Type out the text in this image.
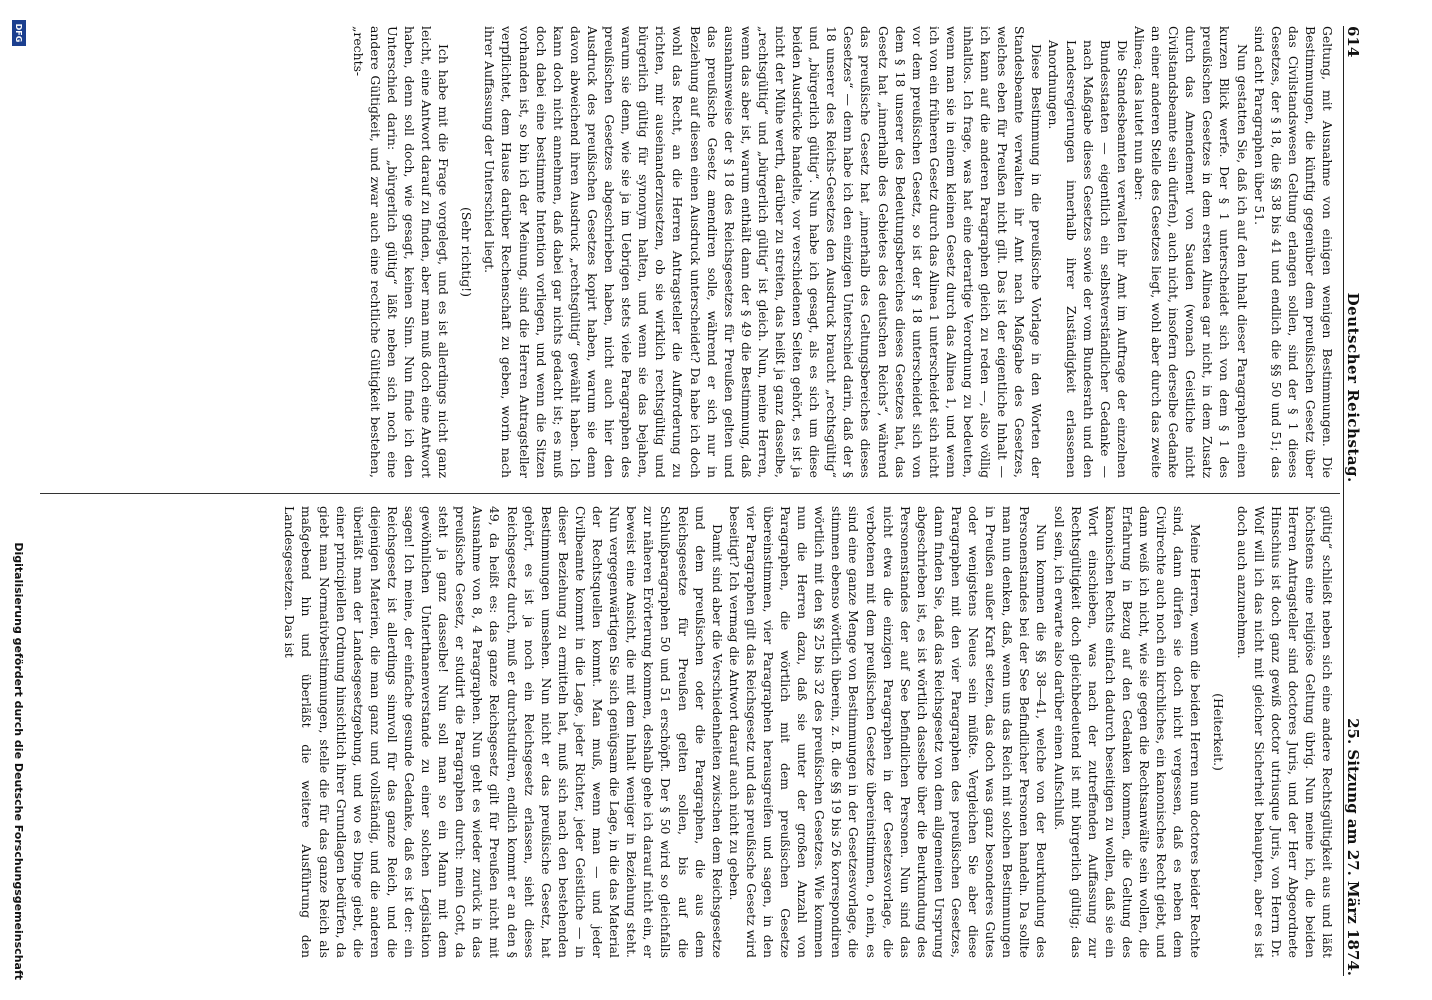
614
Deutscher Reichstag.
25. Sitzung am 27. März 1874.

Geltung, mit Ausnahme von einigen wenigen Bestimmungen. Die Bestimmungen, die künftig gegenüber dem preußischen Gesetz über das Civilstandswesen Geltung erlangen sollen, sind der § 1 dieses Gesetzes, der § 18, die §§ 38 bis 41 und endlich die §§ 50 und 51; das sind acht Paragraphen über 51.

Nun gestatten Sie, daß ich auf den Inhalt dieser Paragraphen einen kurzen Blick werfe. Der § 1 unterscheidet sich von dem § 1 des preußischen Gesetzes in dem ersten Alinea gar nicht, in dem Zusatz durch das Amendement von Sauden (wonach Geistliche nicht Civilstandsbeamte sein dürfen), auch nicht, insofern derselbe Gedanke an einer anderen Stelle des Gesetzes liegt, wohl aber durch das zweite Alinea; das lautet nun aber:

Die Standesbeamten verwalten ihr Amt im Auftrage der einzelnen Bundesstaaten — eigentlich ein selbstverständlicher Gedanke — nach Maßgabe dieses Gesetzes sowie der vom Bundesrath und den Landesregierungen innerhalb ihrer Zuständigkeit erlassenen Anordnungen.

Diese Bestimmung in die preußische Vorlage in den Worten der Standesbeamte verwalten ihr Amt nach Maßgabe des Gesetzes, welches eben für Preußen nicht gilt. Das ist der eigentliche Inhalt — ich kann auf die anderen Paragraphen gleich zu reden —, also völlig inhaltlos. Ich frage, was hat eine derartige Verordnung zu bedeuten, wenn man sie in einem kleinen Gesetz durch das Alinea 1, und wenn ich von ein früheren Gesetz durch das Alinea 1 unterscheidet sich nicht vor dem preußischen Gesetz, so ist der § 18 unterscheidet sich von dem § 18 unserer des Bedeutungsbereiches dieses Gesetzes hat, das Gesetz hat „innerhalb des Gebietes des deutschen Reichs“, während das preußische Gesetz hat „innerhalb des Geltungsbereiches dieses Gesetzes“ — denn habe ich den einzigen Unterschied darin, daß der § 18 unserer des Reichs-Gesetzes den Ausdruck braucht „rechtsgültig“ und „bürgerlich gültig“. Nun habe ich gesagt, als es sich um diese beiden Ausdrücke handelte, vor verschiedenen Seiten gehört, es ist ja nicht der Mühe werth, darüber zu streiten, das heißt ja ganz dasselbe, „rechtsgültig“ und „bürgerlich gültig“ ist gleich. Nun, meine Herren, wenn das aber ist, warum enthält dann der § 49 die Bestimmung, daß ausnahmsweise der § 18 des Reichsgesetzes für Preußen gelten und das preußische Gesetz amendiren solle, während er sich nur in Beziehung auf diesen einen Ausdruck unterscheidet? Da habe ich doch wohl das Recht, an die Herren Antragsteller die Aufforderung zu richten, mir auseinanderzusetzen, ob sie wirklich rechtsgültig und bürgerlich gültig für synonym halten, und wenn sie das bejahen, warum sie denn, wie sie ja im Uebrigen stets viele Paragraphen des preußischen Gesetzes abgeschrieben haben, nicht auch hier den Ausdruck des preußischen Gesetzes kopirt haben, warum sie denn davon abweichend ihren Ausdruck „rechtsgültig“ gewählt haben. Ich kann doch nicht annehmen, daß dabei gar nichts gedacht ist; es muß doch dabei eine bestimmte Intention vorliegen, und wenn die Sitzen vorhanden ist, so bin ich der Meinung, sind die Herren Antragsteller verpflichtet, dem Hause darüber Rechenschaft zu geben, worin nach ihrer Auffassung der Unterschied liegt.

(Sehr richtig!)

Ich habe mit die Frage vorgelegt, und es ist allerdings nicht ganz leicht, eine Antwort darauf zu finden, aber man muß doch eine Antwort haben, denn soll doch, wie gesagt, keinen Sinn. Nun finde ich den Unterschied darin: „bürgerlich gültig“ läßt neben sich noch eine andere Gültigkeit, und zwar auch eine rechtliche Gültigkeit bestehen, „rechts-

gültig“ schließt neben sich eine andere Rechtsgültigkeit aus und läßt höchstens eine religiöse Geltung übrig. Nun meine ich, die beiden Herren Antragsteller sind doctores Juris, und der Herr Abgeordnete Hinschius ist doch ganz gewiß doctor utriusque Juris, von Herrn Dr. Wolf will ich das nicht mit gleicher Sicherheit behaupten, aber es ist doch auch anzunehmen.

(Heiterkeit.)

Meine Herren, wenn die beiden Herren nun doctores beider Rechte sind, dann dürfen sie doch nicht vergessen, daß es neben dem Civilrechte auch noch ein kirchliches, ein kanonisches Recht giebt, und dann weiß ich nicht, wie sie gegen die Rechtsanwälte sein wollen, die Erfahrung in Bezug auf den Gedanken kommen, die Geltung des kanonischen Rechts einfach dadurch beseitigen zu wollen, daß sie ein Wort einschieben, was nach der zutreffenden Auffassung zur Rechtsgültigkeit doch gleichbedeutend ist mit bürgerlich gültig; das soll sein, ich erwarte also darüber einen Aufschluß.

Nun kommen die §§ 38—41, welche von der Beurkundung des Personenstandes bei der See Befindlicher Personen handeln. Da sollte man nun denken, daß, wenn uns das Reich mit solchen Bestimmungen in Preußen außer Kraft setzen, das doch was ganz besonderes Gutes oder wenigstens Neues sein müßte. Vergleichen Sie aber diese Paragraphen mit den vier Paragraphen des preußischen Gesetzes, dann finden Sie, daß das Reichsgesetz von dem allgemeinen Ursprung abgeschrieben ist, es ist wörtlich dasselbe über die Beurkundung des Personenstandes der auf See befindlichen Personen. Nun sind das nicht etwa die einzigen Paragraphen in der Gesetzesvorlage, die verbotenen mit dem preußischen Gesetze übereinstimmen, o nein, es sind eine ganze Menge von Bestimmungen in der Gesetzesvorlage, die stimmen ebenso wörtlich überein, z. B. die §§ 19 bis 26 korrespondiren wörtlich mit den §§ 25 bis 32 des preußischen Gesetzes. Wie kommen nun die Herren dazu, daß sie unter der großen Anzahl von Paragraphen, die wörtlich mit dem preußischen Gesetze übereinstimmen, vier Paragraphen herausgreifen und sagen, in den vier Paragraphen gilt das Reichsgesetz und das preußische Gesetz wird beseitigt? Ich vermag die Antwort darauf auch nicht zu geben.

Damit sind aber die Verschiedenheiten zwischen dem Reichsgesetze und dem preußischen oder die Paragraphen, die aus dem Reichsgesetze für Preußen gelten sollen, bis auf die Schlußparagraphen 50 und 51 erschöpft. Der § 50 wird so gleichfalls zur näheren Erörterung kommen, deshalb gehe ich darauf nicht ein, er beweist eine Ansicht, die mit dem Inhalt weniger in Beziehung steht. Nun vergegenwärtigen Sie sich genügsam die Lage, in die das Material der Rechtsquellen kommt. Man muß, wenn man — und jeder Civilbeamte kommt in die Lage, jeder Richter, jeder Geistliche — in dieser Beziehung zu ermitteln hat, muß sich nach den bestehenden Bestimmungen umsehen. Nun nicht er das preußische Gesetz, hat gehört, es ist ja noch ein Reichsgesetz erlassen, sieht dieses Reichsgesetz durch, muß er durchstudiren, endlich kommt er an den § 49, da heißt es: das ganze Reichsgesetz gilt für Preußen nicht mit Ausnahme von 8, 4 Paragraphen. Nun geht es wieder zurück in das preußische Gesetz, er studirt die Paragraphen durch: mein Gott, da steht ja ganz dasselbe! Nun soll man so ein Mann mit dem gewöhnlichen Unterthanenverstande zu einer solchen Legislation sagen! Ich meine, der einfache gesunde Gedanke, daß es ist der: ein Reichsgesetz ist allerdings sinnvoll für das ganze Reich, und die diejenigen Materien, die man ganz und vollständig, und die anderen überläßt man der Landesgesetzgebung, und wo es Dinge giebt, die einer principiellen Ordnung hinsichtlich ihrer Grundlagen bedürfen, da giebt man Normativbestimmungen, stelle die für das ganze Reich als maßgebend hin und überläßt die weitere Ausführung den Landesgesetzen. Das ist

DFG
Digitalisierung gefördert durch die Deutsche Forschungsgemeinschaft
